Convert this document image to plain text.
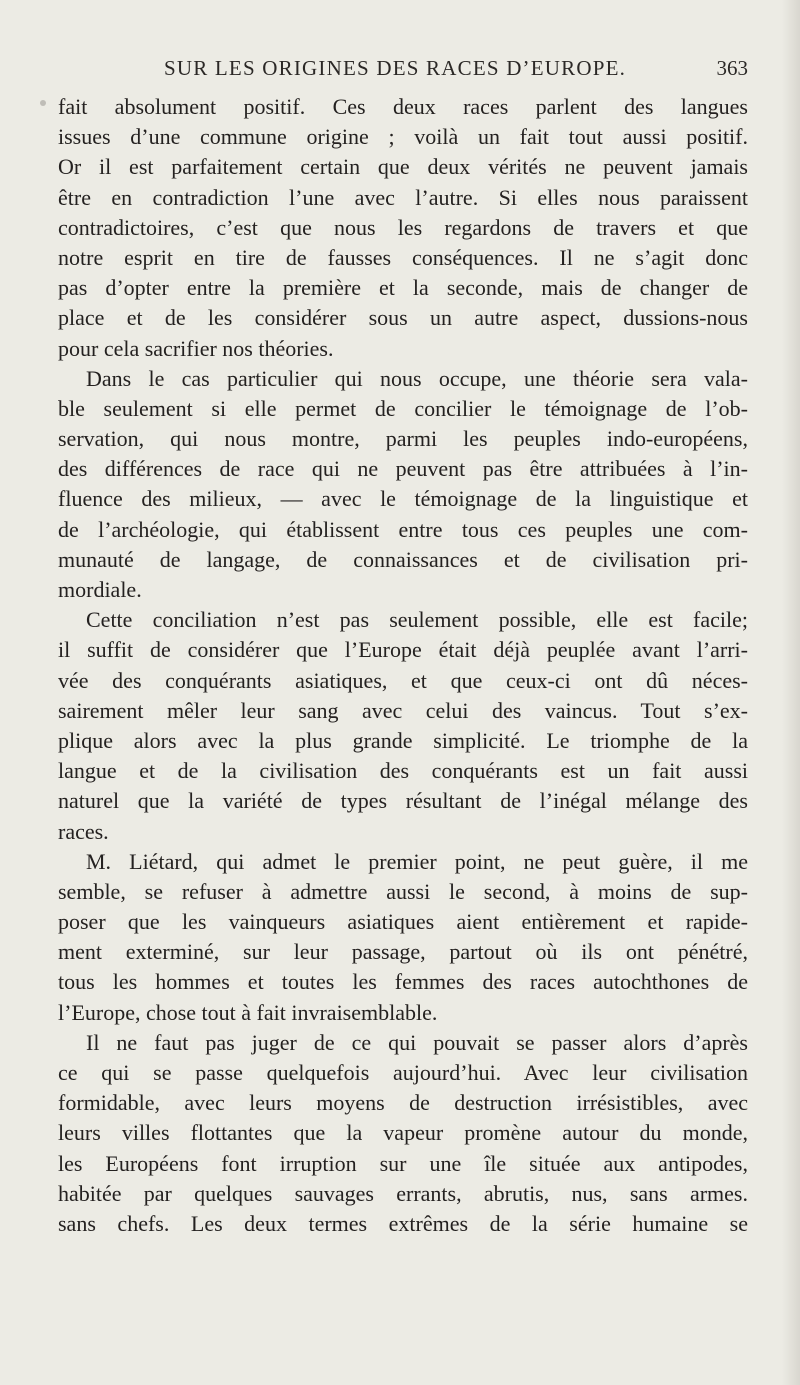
SUR LES ORIGINES DES RACES D’EUROPE.	363
fait absolument positif. Ces deux races parlent des langues
issues d’une commune origine ; voilà un fait tout aussi positif.
Or il est parfaitement certain que deux vérités ne peuvent jamais
être en contradiction l’une avec l’autre. Si elles nous paraissent
contradictoires, c’est que nous les regardons de travers et que
notre esprit en tire de fausses conséquences. Il ne s’agit donc
pas d’opter entre la première et la seconde, mais de changer de
place et de les considérer sous un autre aspect, dussions-nous
pour cela sacrifier nos théories.
Dans le cas particulier qui nous occupe, une théorie sera vala-
ble seulement si elle permet de concilier le témoignage de l’ob-
servation, qui nous montre, parmi les peuples indo-européens,
des différences de race qui ne peuvent pas être attribuées à l’in-
fluence des milieux, — avec le témoignage de la linguistique et
de l’archéologie, qui établissent entre tous ces peuples une com-
munauté de langage, de connaissances et de civilisation pri-
mordiale.
Cette conciliation n’est pas seulement possible, elle est facile;
il suffit de considérer que l’Europe était déjà peuplée avant l’arri-
vée des conquérants asiatiques, et que ceux-ci ont dû néces-
sairement mêler leur sang avec celui des vaincus. Tout s’ex-
plique alors avec la plus grande simplicité. Le triomphe de la
langue et de la civilisation des conquérants est un fait aussi
naturel que la variété de types résultant de l’inégal mélange des
races.
M. Liétard, qui admet le premier point, ne peut guère, il me
semble, se refuser à admettre aussi le second, à moins de sup-
poser que les vainqueurs asiatiques aient entièrement et rapide-
ment exterminé, sur leur passage, partout où ils ont pénétré,
tous les hommes et toutes les femmes des races autochthones de
l’Europe, chose tout à fait invraisemblable.
Il ne faut pas juger de ce qui pouvait se passer alors d’après
ce qui se passe quelquefois aujourd’hui. Avec leur civilisation
formidable, avec leurs moyens de destruction irrésistibles, avec
leurs villes flottantes que la vapeur promène autour du monde,
les Européens font irruption sur une île située aux antipodes,
habitée par quelques sauvages errants, abrutis, nus, sans armes.
sans chefs. Les deux termes extrêmes de la série humaine se
